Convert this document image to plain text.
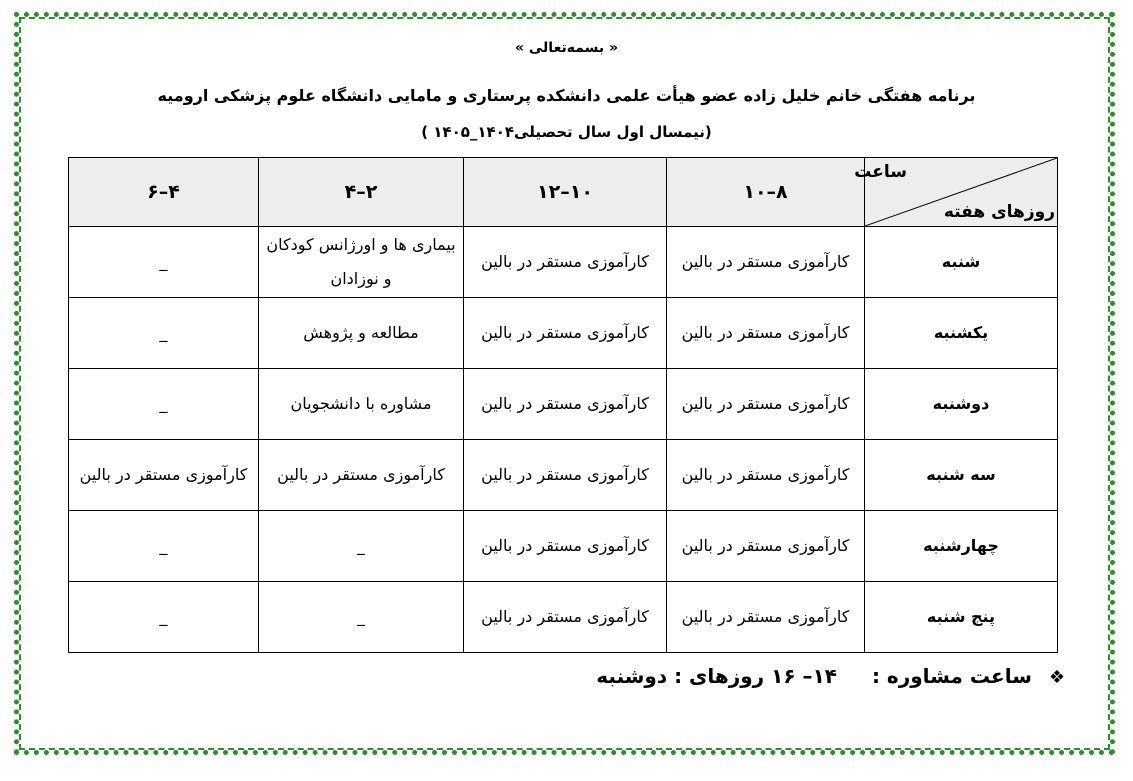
« بسمه‌تعالی »
برنامه هفتگی خانم خلیل زاده عضو هیأت علمی دانشکده پرستاری و مامایی دانشگاه علوم پزشکی ارومیه
(نیمسال اول سال تحصیلی۱۴۰۴_۱۴۰۵ )
ساعت
روزهای هفته	۸–۱۰	۱۰–۱۲	۲–۴	۴–۶
شنبه	کارآموزی مستقر در بالین	کارآموزی مستقر در بالین	بیماری ها و اورژانس کودکان و نوزادان	_
یکشنبه	کارآموزی مستقر در بالین	کارآموزی مستقر در بالین	مطالعه و پژوهش	_
دوشنبه	کارآموزی مستقر در بالین	کارآموزی مستقر در بالین	مشاوره با دانشجویان	_
سه شنبه	کارآموزی مستقر در بالین	کارآموزی مستقر در بالین	کارآموزی مستقر در بالین	کارآموزی مستقر در بالین
چهارشنبه	کارآموزی مستقر در بالین	کارآموزی مستقر در بالین	_	_
پنج شنبه	کارآموزی مستقر در بالین	کارآموزی مستقر در بالین	_	_
❖ ساعت مشاوره : ۱۴– ۱۶ روزهای : دوشنبه
